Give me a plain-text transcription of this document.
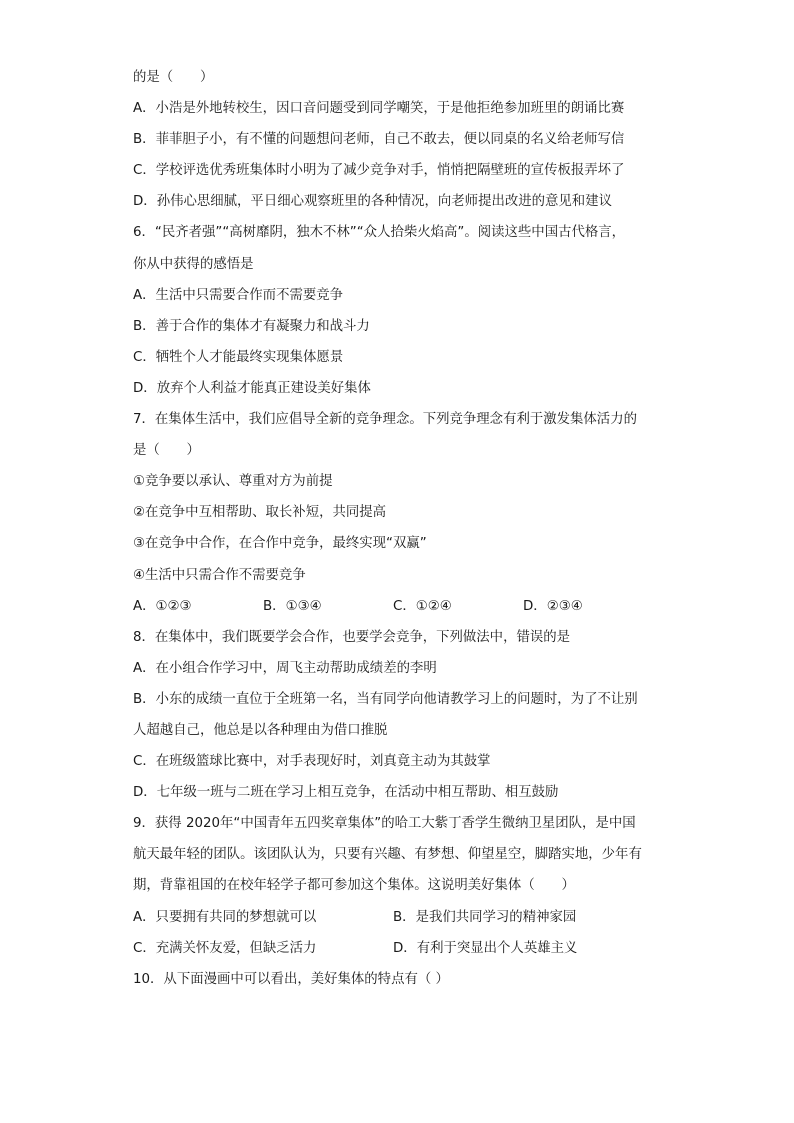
的是（　　）
A．小浩是外地转校生，因口音问题受到同学嘲笑，于是他拒绝参加班里的朗诵比赛
B．菲菲胆子小，有不懂的问题想问老师，自己不敢去，便以同桌的名义给老师写信
C．学校评选优秀班集体时小明为了减少竞争对手，悄悄把隔壁班的宣传板报弄坏了
D．孙伟心思细腻，平日细心观察班里的各种情况，向老师提出改进的意见和建议
6．“民齐者强”“高树靡阴，独木不林”“众人拾柴火焰高”。阅读这些中国古代格言，
你从中获得的感悟是
A．生活中只需要合作而不需要竞争
B．善于合作的集体才有凝聚力和战斗力
C．牺牲个人才能最终实现集体愿景
D．放弃个人利益才能真正建设美好集体
7．在集体生活中，我们应倡导全新的竞争理念。下列竞争理念有利于激发集体活力的
是（　　）
①竞争要以承认、尊重对方为前提
②在竞争中互相帮助、取长补短，共同提高
③在竞争中合作，在合作中竞争，最终实现“双赢”
④生活中只需合作不需要竞争
A．①②③	B．①③④	C．①②④	D．②③④
8．在集体中，我们既要学会合作，也要学会竞争，下列做法中，错误的是
A．在小组合作学习中，周飞主动帮助成绩差的李明
B．小东的成绩一直位于全班第一名，当有同学向他请教学习上的问题时，为了不让别
人超越自己，他总是以各种理由为借口推脱
C．在班级篮球比赛中，对手表现好时，刘真竟主动为其鼓掌
D．七年级一班与二班在学习上相互竞争，在活动中相互帮助、相互鼓励
9．获得 2020年“中国青年五四奖章集体”的哈工大紫丁香学生微纳卫星团队，是中国
航天最年轻的团队。该团队认为，只要有兴趣、有梦想、仰望星空，脚踏实地，少年有
期，背靠祖国的在校年轻学子都可参加这个集体。这说明美好集体（　　）
A．只要拥有共同的梦想就可以	B．是我们共同学习的精神家园
C．充满关怀友爱，但缺乏活力	D．有利于突显出个人英雄主义
10．从下面漫画中可以看出，美好集体的特点有（ ）
